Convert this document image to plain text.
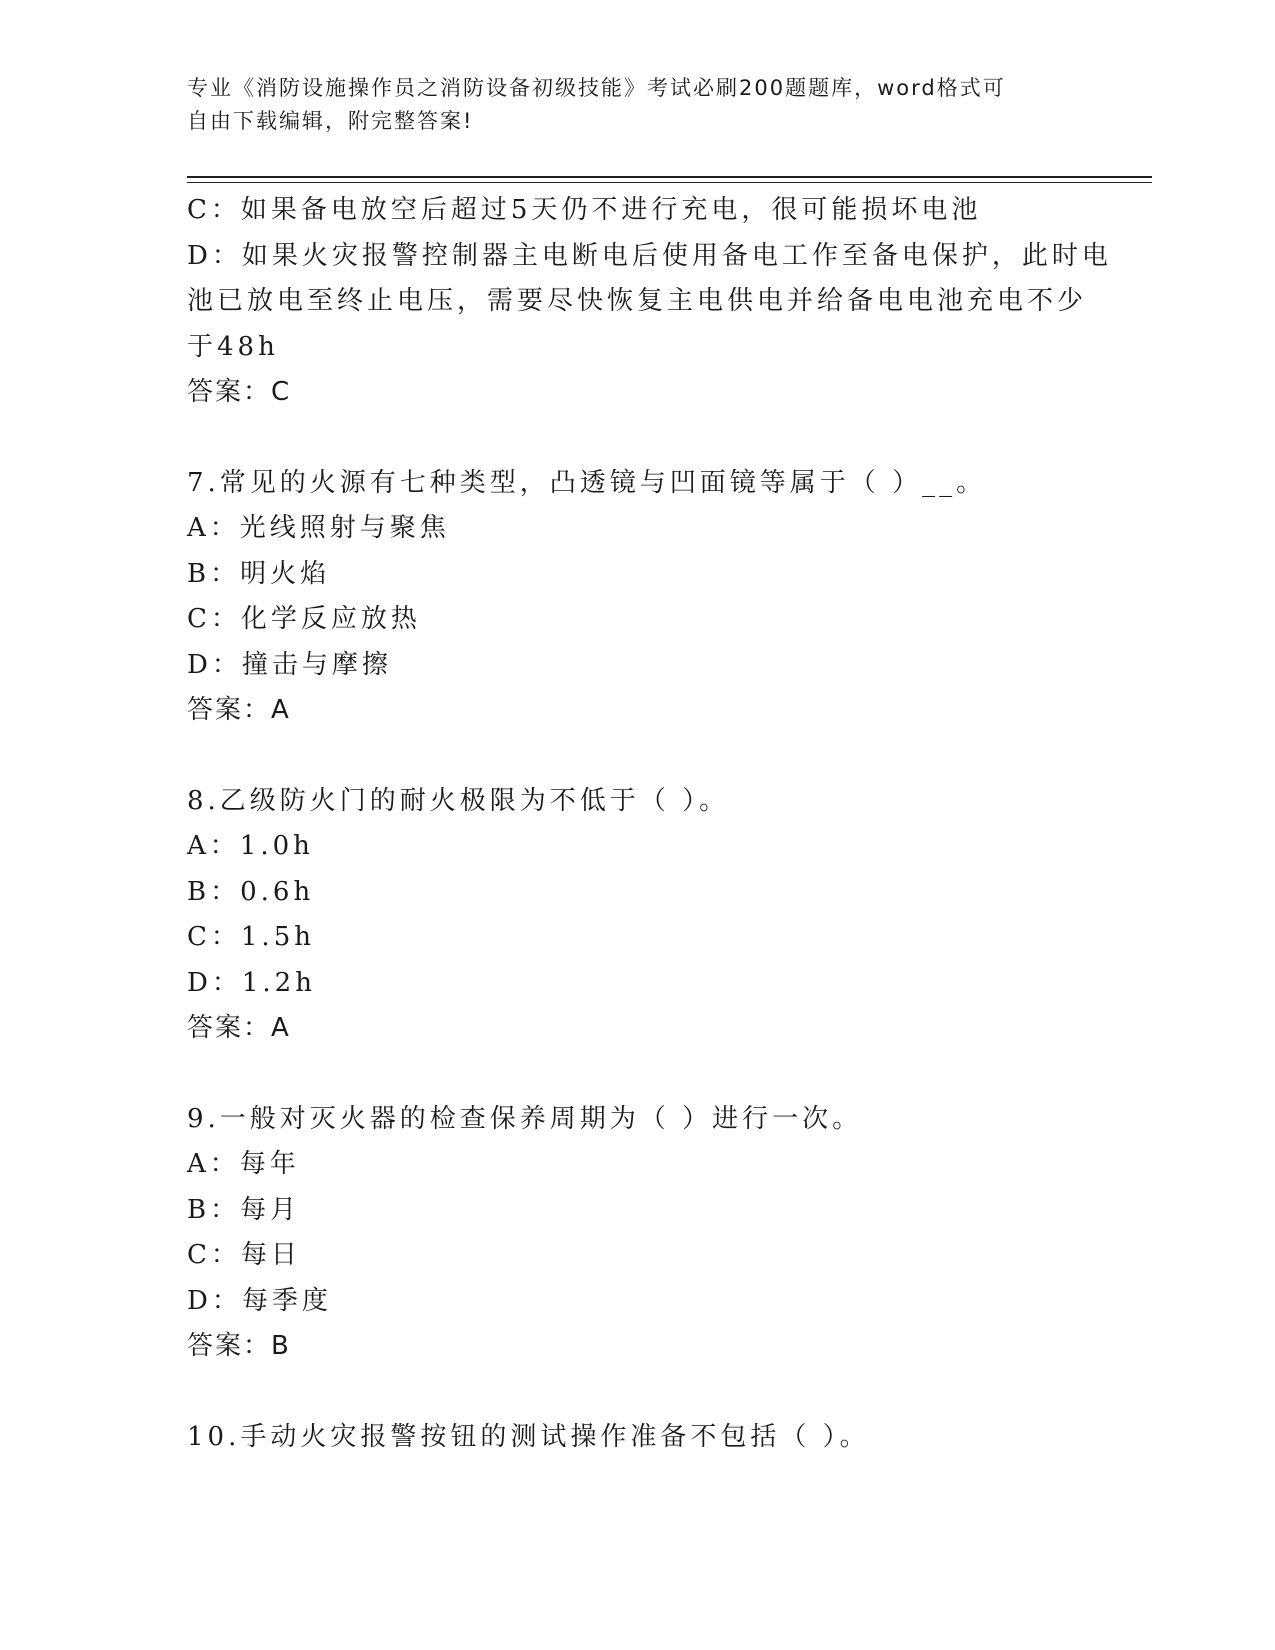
专业《消防设施操作员之消防设备初级技能》考试必刷200题题库，word格式可
自由下载编辑，附完整答案!
C：如果备电放空后超过5天仍不进行充电，很可能损坏电池
D：如果火灾报警控制器主电断电后使用备电工作至备电保护，此时电
池已放电至终止电压，需要尽快恢复主电供电并给备电电池充电不少
于48h
答案：C
7.常见的火源有七种类型，凸透镜与凹面镜等属于（ ）__。
A：光线照射与聚焦
B：明火焰
C：化学反应放热
D：撞击与摩擦
答案：A
8.乙级防火门的耐火极限为不低于（ ）。
A：1.0h
B：0.6h
C：1.5h
D：1.2h
答案：A
9.一般对灭火器的检查保养周期为（ ）进行一次。
A：每年
B：每月
C：每日
D：每季度
答案：B
10.手动火灾报警按钮的测试操作准备不包括（ ）。
